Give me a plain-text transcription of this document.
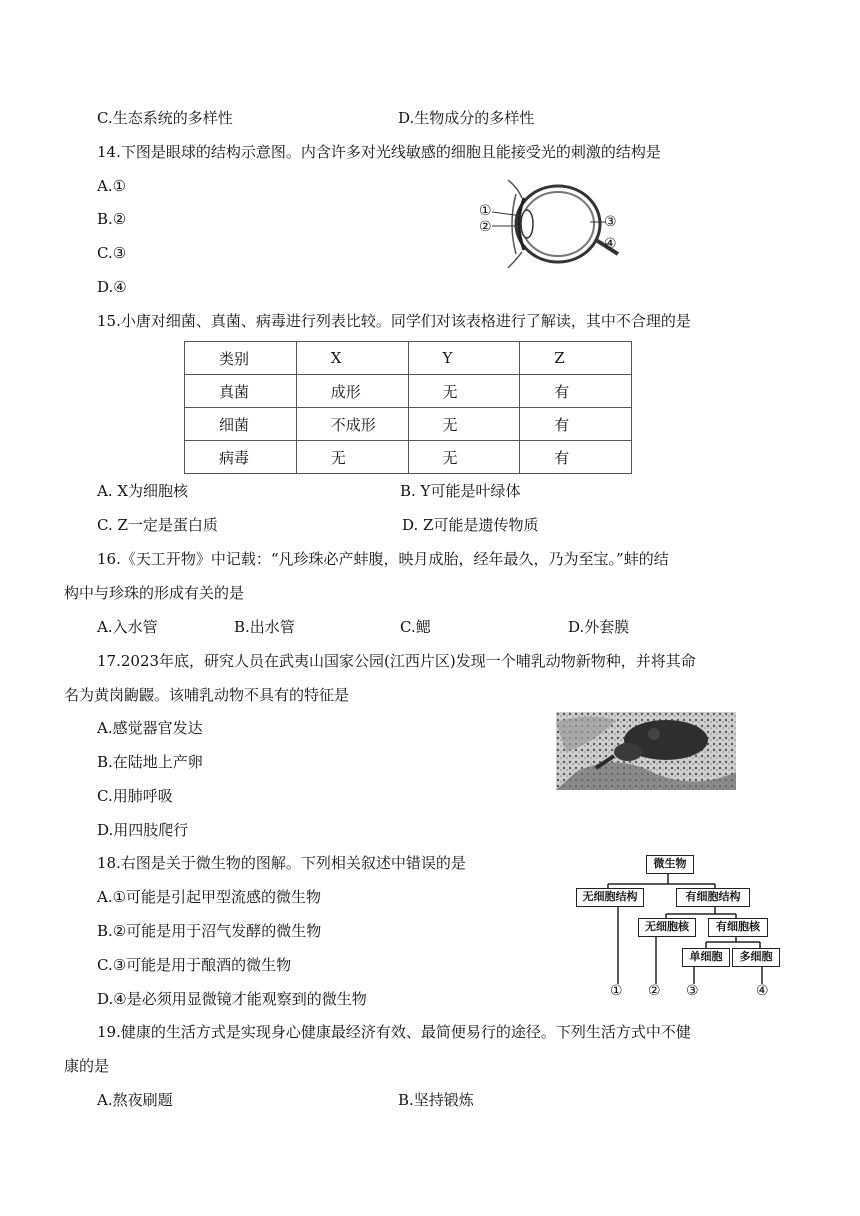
C.生态系统的多样性	D.生物成分的多样性
14.下图是眼球的结构示意图。内含许多对光线敏感的细胞且能接受光的刺激的结构是
A.①
B.②
C.③
D.④
①
②	③
④
15.小唐对细菌、真菌、病毒进行列表比较。同学们对该表格进行了解读，其中不合理的是
类别	X	Y	Z
真菌	成形	无	有
细菌	不成形	无	有
病毒	无	无	有
A. X为细胞核	B. Y可能是叶绿体
C. Z一定是蛋白质	D. Z可能是遗传物质
16.《天工开物》中记载：“凡珍珠必产蚌腹，映月成胎，经年最久，乃为至宝。”蚌的结
构中与珍珠的形成有关的是
A.入水管	B.出水管	C.鳃	D.外套膜
17.2023年底，研究人员在武夷山国家公园(江西片区)发现一个哺乳动物新物种，并将其命
名为黄岗鼩鼹。该哺乳动物不具有的特征是
A.感觉器官发达
B.在陆地上产卵
C.用肺呼吸
D.用四肢爬行
18.右图是关于微生物的图解。下列相关叙述中错误的是
A.①可能是引起甲型流感的微生物
B.②可能是用于沼气发酵的微生物
C.③可能是用于酿酒的微生物
D.④是必须用显微镜才能观察到的微生物
微生物
无细胞结构	有细胞结构
无细胞核	有细胞核
单细胞	多细胞
① ② ③	④
19.健康的生活方式是实现身心健康最经济有效、最简便易行的途径。下列生活方式中不健
康的是
A.熬夜刷题	B.坚持锻炼
